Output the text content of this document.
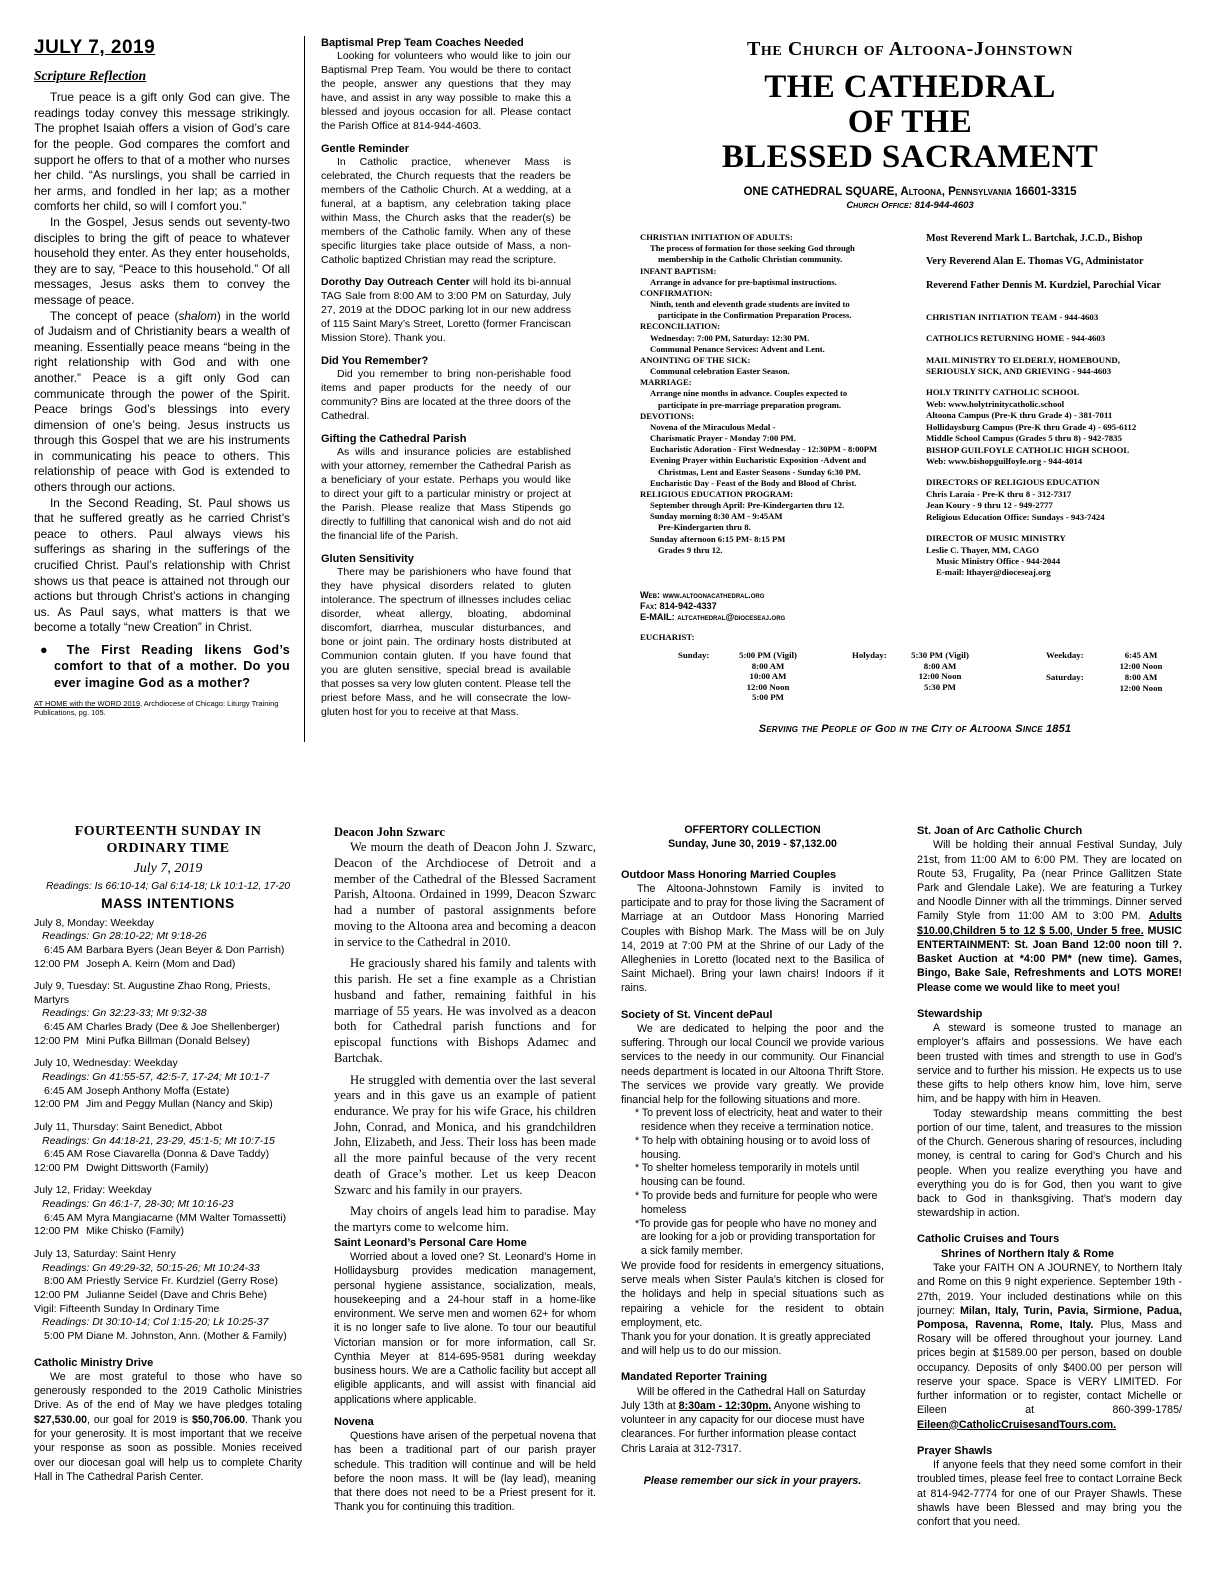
JULY 7, 2019
Scripture Reflection

True peace is a gift only God can give. The readings today convey this message strikingly. The prophet Isaiah offers a vision of God’s care for the people. God compares the comfort and support he offers to that of a mother who nurses her child. “As nurslings, you shall be carried in her arms, and fondled in her lap; as a mother comforts her child, so will I comfort you.”

In the Gospel, Jesus sends out seventy-two disciples to bring the gift of peace to whatever household they enter. As they enter households, they are to say, “Peace to this household.” Of all messages, Jesus asks them to convey the message of peace.

The concept of peace (shalom) in the world of Judaism and of Christianity bears a wealth of meaning. Essentially peace means “being in the right relationship with God and with one another.” Peace is a gift only God can communicate through the power of the Spirit. Peace brings God’s blessings into every dimension of one’s being. Jesus instructs us through this Gospel that we are his instruments in communicating his peace to others. This relationship of peace with God is extended to others through our actions.

In the Second Reading, St. Paul shows us that he suffered greatly as he carried Christ’s peace to others. Paul always views his sufferings as sharing in the sufferings of the crucified Christ. Paul’s relationship with Christ shows us that peace is attained not through our actions but through Christ’s actions in changing us. As Paul says, what matters is that we become a totally “new Creation” in Christ.

● The First Reading likens God’s comfort to that of a mother. Do you ever imagine God as a mother?
AT HOME with the WORD 2019, Archdiocese of Chicago: Liturgy Training Publications, pg. 105.
Baptismal Prep Team Coaches Needed

Looking for volunteers who would like to join our Baptismal Prep Team. You would be there to contact the people, answer any questions that they may have, and assist in any way possible to make this a blessed and joyous occasion for all. Please contact the Parish Office at 814-944-4603.

Gentle Reminder

In Catholic practice, whenever Mass is celebrated, the Church requests that the readers be members of the Catholic Church. At a wedding, at a funeral, at a baptism, any celebration taking place within Mass, the Church asks that the reader(s) be members of the Catholic family. When any of these specific liturgies take place outside of Mass, a non-Catholic baptized Christian may read the scripture.

Dorothy Day Outreach Center will hold its bi-annual TAG Sale from 8:00 AM to 3:00 PM on Saturday, July 27, 2019 at the DDOC parking lot in our new address of 115 Saint Mary’s Street, Loretto (former Franciscan Mission Store). Thank you.

Did You Remember?

Did you remember to bring non-perishable food items and paper products for the needy of our community? Bins are located at the three doors of the Cathedral.

Gifting the Cathedral Parish

As wills and insurance policies are established with your attorney, remember the Cathedral Parish as a beneficiary of your estate. Perhaps you would like to direct your gift to a particular ministry or project at the Parish. Please realize that Mass Stipends go directly to fulfilling that canonical wish and do not aid the financial life of the Parish.

Gluten Sensitivity

There may be parishioners who have found that they have physical disorders related to gluten intolerance. The spectrum of illnesses includes celiac disorder, wheat allergy, bloating, abdominal discomfort, diarrhea, muscular disturbances, and bone or joint pain. The ordinary hosts distributed at Communion contain gluten. If you have found that you are gluten sensitive, special bread is available that posses sa very low gluten content. Please tell the priest before Mass, and he will consecrate the low-gluten host for you to receive at that Mass.

The Church of Altoona-Johnstown
THE CATHEDRAL
OF THE
BLESSED SACRAMENT
ONE CATHEDRAL SQUARE, Altoona, Pennsylvania 16601-3315
Church Office: 814-944-4603
CHRISTIAN INITIATION OF ADULTS:
The process of formation for those seeking God through
membership in the Catholic Christian community.
INFANT BAPTISM:
Arrange in advance for pre-baptismal instructions.
CONFIRMATION:
Ninth, tenth and eleventh grade students are invited to
participate in the Confirmation Preparation Process.
RECONCILIATION:
Wednesday: 7:00 PM, Saturday: 12:30 PM.
Communal Penance Services: Advent and Lent.
ANOINTING OF THE SICK:
Communal celebration Easter Season.
MARRIAGE:
Arrange nine months in advance. Couples expected to
participate in pre-marriage preparation program.
DEVOTIONS:
Novena of the Miraculous Medal -
Charismatic Prayer - Monday 7:00 PM.
Eucharistic Adoration - First Wednesday - 12:30PM - 8:00PM
Evening Prayer within Eucharistic Exposition -Advent and
Christmas, Lent and Easter Seasons - Sunday 6:30 PM.
Eucharistic Day - Feast of the Body and Blood of Christ.
RELIGIOUS EDUCATION PROGRAM:
September through April: Pre-Kindergarten thru 12.
Sunday morning 8:30 AM - 9:45AM
Pre-Kindergarten thru 8.
Sunday afternoon 6:15 PM- 8:15 PM
Grades 9 thru 12.
Most Reverend Mark L. Bartchak, J.C.D., Bishop
Very Reverend Alan E. Thomas VG, Administator
Reverend Father Dennis M. Kurdziel, Parochial Vicar
CHRISTIAN INITIATION TEAM - 944-4603
CATHOLICS RETURNING HOME - 944-4603
MAIL MINISTRY TO ELDERLY, HOMEBOUND,
SERIOUSLY SICK, AND GRIEVING - 944-4603
HOLY TRINITY CATHOLIC SCHOOL
Web: www.holytrinitycatholic.school
Altoona Campus (Pre-K thru Grade 4) - 381-7011
Hollidaysburg Campus (Pre-K thru Grade 4) - 695-6112
Middle School Campus (Grades 5 thru 8) - 942-7835
BISHOP GUILFOYLE CATHOLIC HIGH SCHOOL
Web: www.bishopguilfoyle.org - 944-4014
DIRECTORS OF RELIGIOUS EDUCATION
Chris Laraia - Pre-K thru 8 - 312-7317
Jean Koury - 9 thru 12 - 949-2777
Religious Education Office: Sundays - 943-7424
DIRECTOR OF MUSIC MINISTRY
Leslie C. Thayer, MM, CAGO
Music Ministry Office - 944-2044
E-mail: lthayer@dioceseaj.org
Web: www.altoonacathedral.org
Fax: 814-942-4337
E-MAIL: altcathedral@dioceseaj.org
EUCHARIST:
Sunday:	5:00 PM (Vigil)
8:00 AM
10:00 AM
12:00 Noon
5:00 PM
Holyday:	5:30 PM (Vigil)
8:00 AM
12:00 Noon
5:30 PM
Weekday:	6:45 AM
12:00 Noon
Saturday:	8:00 AM
12:00 Noon
Serving the People of God in the City of Altoona Since 1851
FOURTEENTH SUNDAY IN
ORDINARY TIME
July 7, 2019
Readings: Is 66:10-14; Gal 6:14-18; Lk 10:1-12, 17-20
MASS INTENTIONS
July 8, Monday: Weekday
Readings: Gn 28:10-22; Mt 9:18-26
6:45 AM Barbara Byers (Jean Beyer & Don Parrish)
12:00 PM Joseph A. Keirn (Mom and Dad)
July 9, Tuesday: St. Augustine Zhao Rong, Priests, Martyrs
Readings: Gn 32:23-33; Mt 9:32-38
6:45 AM Charles Brady (Dee & Joe Shellenberger)
12:00 PM Mini Pufka Billman (Donald Belsey)
July 10, Wednesday: Weekday
Readings: Gn 41:55-57, 42:5-7, 17-24; Mt 10:1-7
6:45 AM Joseph Anthony Moffa (Estate)
12:00 PM Jim and Peggy Mullan (Nancy and Skip)
July 11, Thursday: Saint Benedict, Abbot
Readings: Gn 44:18-21, 23-29, 45:1-5; Mt 10:7-15
6:45 AM Rose Ciavarella (Donna & Dave Taddy)
12:00 PM Dwight Dittsworth (Family)
July 12, Friday: Weekday
Readings: Gn 46:1-7, 28-30; Mt 10:16-23
6:45 AM Myra Mangiacarne (MM Walter Tomassetti)
12:00 PM Mike Chisko (Family)
July 13, Saturday: Saint Henry
Readings: Gn 49:29-32, 50:15-26; Mt 10:24-33
8:00 AM Priestly Service Fr. Kurdziel (Gerry Rose)
12:00 PM Julianne Seidel (Dave and Chris Behe)
Vigil: Fifteenth Sunday In Ordinary Time
Readings: Dt 30:10-14; Col 1:15-20; Lk 10:25-37
5:00 PM Diane M. Johnston, Ann. (Mother & Family)
Catholic Ministry Drive

We are most grateful to those who have so generously responded to the 2019 Catholic Ministries Drive. As of the end of May we have pledges totaling $27,530.00, our goal for 2019 is $50,706.00. Thank you for your generosity. It is most important that we receive your response as soon as possible. Monies received over our diocesan goal will help us to complete Charity Hall in The Cathedral Parish Center.

Deacon John Szwarc

We mourn the death of Deacon John J. Szwarc, Deacon of the Archdiocese of Detroit and a member of the Cathedral of the Blessed Sacrament Parish, Altoona. Ordained in 1999, Deacon Szwarc had a number of pastoral assignments before moving to the Altoona area and becoming a deacon in service to the Cathedral in 2010.

He graciously shared his family and talents with this parish. He set a fine example as a Christian husband and father, remaining faithful in his marriage of 55 years. He was involved as a deacon both for Cathedral parish functions and for episcopal functions with Bishops Adamec and Bartchak.

He struggled with dementia over the last several years and in this gave us an example of patient endurance. We pray for his wife Grace, his children John, Conrad, and Monica, and his grandchildren John, Elizabeth, and Jess. Their loss has been made all the more painful because of the very recent death of Grace’s mother. Let us keep Deacon Szwarc and his family in our prayers.

May choirs of angels lead him to paradise. May the martyrs come to welcome him.

Saint Leonard’s Personal Care Home

Worried about a loved one? St. Leonard’s Home in Hollidaysburg provides medication management, personal hygiene assistance, socialization, meals, housekeeping and a 24-hour staff in a home-like environment. We serve men and women 62+ for whom it is no longer safe to live alone. To tour our beautiful Victorian mansion or for more information, call Sr. Cynthia Meyer at 814-695-9581 during weekday business hours. We are a Catholic facility but accept all eligible applicants, and will assist with financial aid applications where applicable.

Novena

Questions have arisen of the perpetual novena that has been a traditional part of our parish prayer schedule. This tradition will continue and will be held before the noon mass. It will be (lay lead), meaning that there does not need to be a Priest present for it. Thank you for continuing this tradition.

OFFERTORY COLLECTION
Sunday, June 30, 2019 - $7,132.00
Outdoor Mass Honoring Married Couples

The Altoona-Johnstown Family is invited to participate and to pray for those living the Sacrament of Marriage at an Outdoor Mass Honoring Married Couples with Bishop Mark. The Mass will be on July 14, 2019 at 7:00 PM at the Shrine of our Lady of the Alleghenies in Loretto (located next to the Basilica of Saint Michael). Bring your lawn chairs! Indoors if it rains.

Society of St. Vincent dePaul

We are dedicated to helping the poor and the suffering. Through our local Council we provide various services to the needy in our community. Our Financial needs department is located in our Altoona Thrift Store. The services we provide vary greatly. We provide financial help for the following situations and more.

* To prevent loss of electricity, heat and water to their residence when they receive a termination notice.
* To help with obtaining housing or to avoid loss of housing.
* To shelter homeless temporarily in motels until housing can be found.
* To provide beds and furniture for people who were homeless
*To provide gas for people who have no money and are looking for a job or providing transportation for a sick family member.

We provide food for residents in emergency situations, serve meals when Sister Paula’s kitchen is closed for the holidays and help in special situations such as repairing a vehicle for the resident to obtain employment, etc.

Thank you for your donation. It is greatly appreciated and will help us to do our mission.

Mandated Reporter Training

Will be offered in the Cathedral Hall on Saturday July 13th at 8:30am - 12:30pm. Anyone wishing to volunteer in any capacity for our diocese must have clearances. For further information please contact Chris Laraia at 312-7317.

Please remember our sick in your prayers.
St. Joan of Arc Catholic Church

Will be holding their annual Festival Sunday, July 21st, from 11:00 AM to 6:00 PM. They are located on Route 53, Frugality, Pa (near Prince Gallitzen State Park and Glendale Lake). We are featuring a Turkey and Noodle Dinner with all the trimmings. Dinner served Family Style from 11:00 AM to 3:00 PM. Adults $10.00,Children 5 to 12 $ 5.00, Under 5 free. MUSIC ENTERTAINMENT: St. Joan Band 12:00 noon till ?. Basket Auction at *4:00 PM* (new time). Games, Bingo, Bake Sale, Refreshments and LOTS MORE! Please come we would like to meet you!

Stewardship

A steward is someone trusted to manage an employer’s affairs and possessions. We have each been trusted with times and strength to use in God’s service and to further his mission. He expects us to use these gifts to help others know him, love him, serve him, and be happy with him in Heaven.

Today stewardship means committing the best portion of our time, talent, and treasures to the mission of the Church. Generous sharing of resources, including money, is central to caring for God’s Church and his people. When you realize everything you have and everything you do is for God, then you want to give back to God in thanksgiving. That’s modern day stewardship in action.

Catholic Cruises and Tours
Shrines of Northern Italy & Rome

Take your FAITH ON A JOURNEY, to Northern Italy and Rome on this 9 night experience. September 19th - 27th, 2019. Your included destinations while on this journey: Milan, Italy, Turin, Pavia, Sirmione, Padua, Pomposa, Ravenna, Rome, Italy. Plus, Mass and Rosary will be offered throughout your journey. Land prices begin at $1589.00 per person, based on double occupancy. Deposits of only $400.00 per person will reserve your space. Space is VERY LIMITED. For further information or to register, contact Michelle or Eileen at 860-399-1785/ Eileen@CatholicCruisesandTours.com.

Prayer Shawls

If anyone feels that they need some comfort in their troubled times, please feel free to contact Lorraine Beck at 814-942-7774 for one of our Prayer Shawls. These shawls have been Blessed and may bring you the confort that you need.
